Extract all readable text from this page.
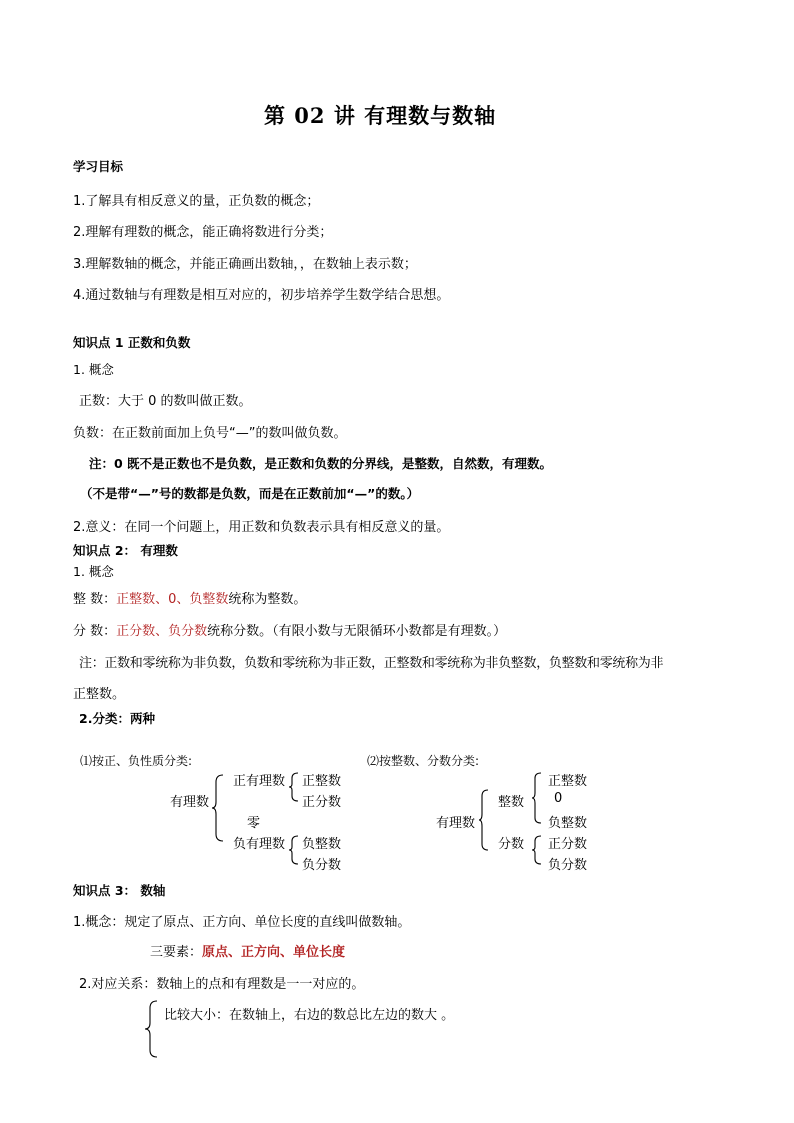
第 02 讲 有理数与数轴
学习目标
1.了解具有相反意义的量，正负数的概念；
2.理解有理数的概念，能正确将数进行分类；
3.理解数轴的概念，并能正确画出数轴，，在数轴上表示数；
4.通过数轴与有理数是相互对应的，初步培养学生数学结合思想。
知识点 1 正数和负数
1. 概念
正数：大于 0 的数叫做正数。
负数：在正数前面加上负号“—”的数叫做负数。
注：0 既不是正数也不是负数，是正数和负数的分界线，是整数，自然数，有理数。
（不是带“—”号的数都是负数，而是在正数前加“—”的数。）
2.意义：在同一个问题上，用正数和负数表示具有相反意义的量。
知识点 2： 有理数
1. 概念
整 数：正整数、0、负整数统称为整数。
分 数：正分数、负分数统称分数。（有限小数与无限循环小数都是有理数。）
注：正数和零统称为非负数，负数和零统称为非正数，正整数和零统称为非负整数，负整数和零统称为非
正整数。
2.分类：两种
⑴按正、负性质分类:
有理数
正有理数 正整数
正分数
零
负有理数 负整数
负分数
⑵按整数、分数分类:
有理数
整数
正整数
0
负整数
分数 正分数
负分数
知识点 3： 数轴
1.概念：规定了原点、正方向、单位长度的直线叫做数轴。
三要素：原点、正方向、单位长度
2.对应关系：数轴上的点和有理数是一一对应的。
比较大小：在数轴上，右边的数总比左边的数大 。
